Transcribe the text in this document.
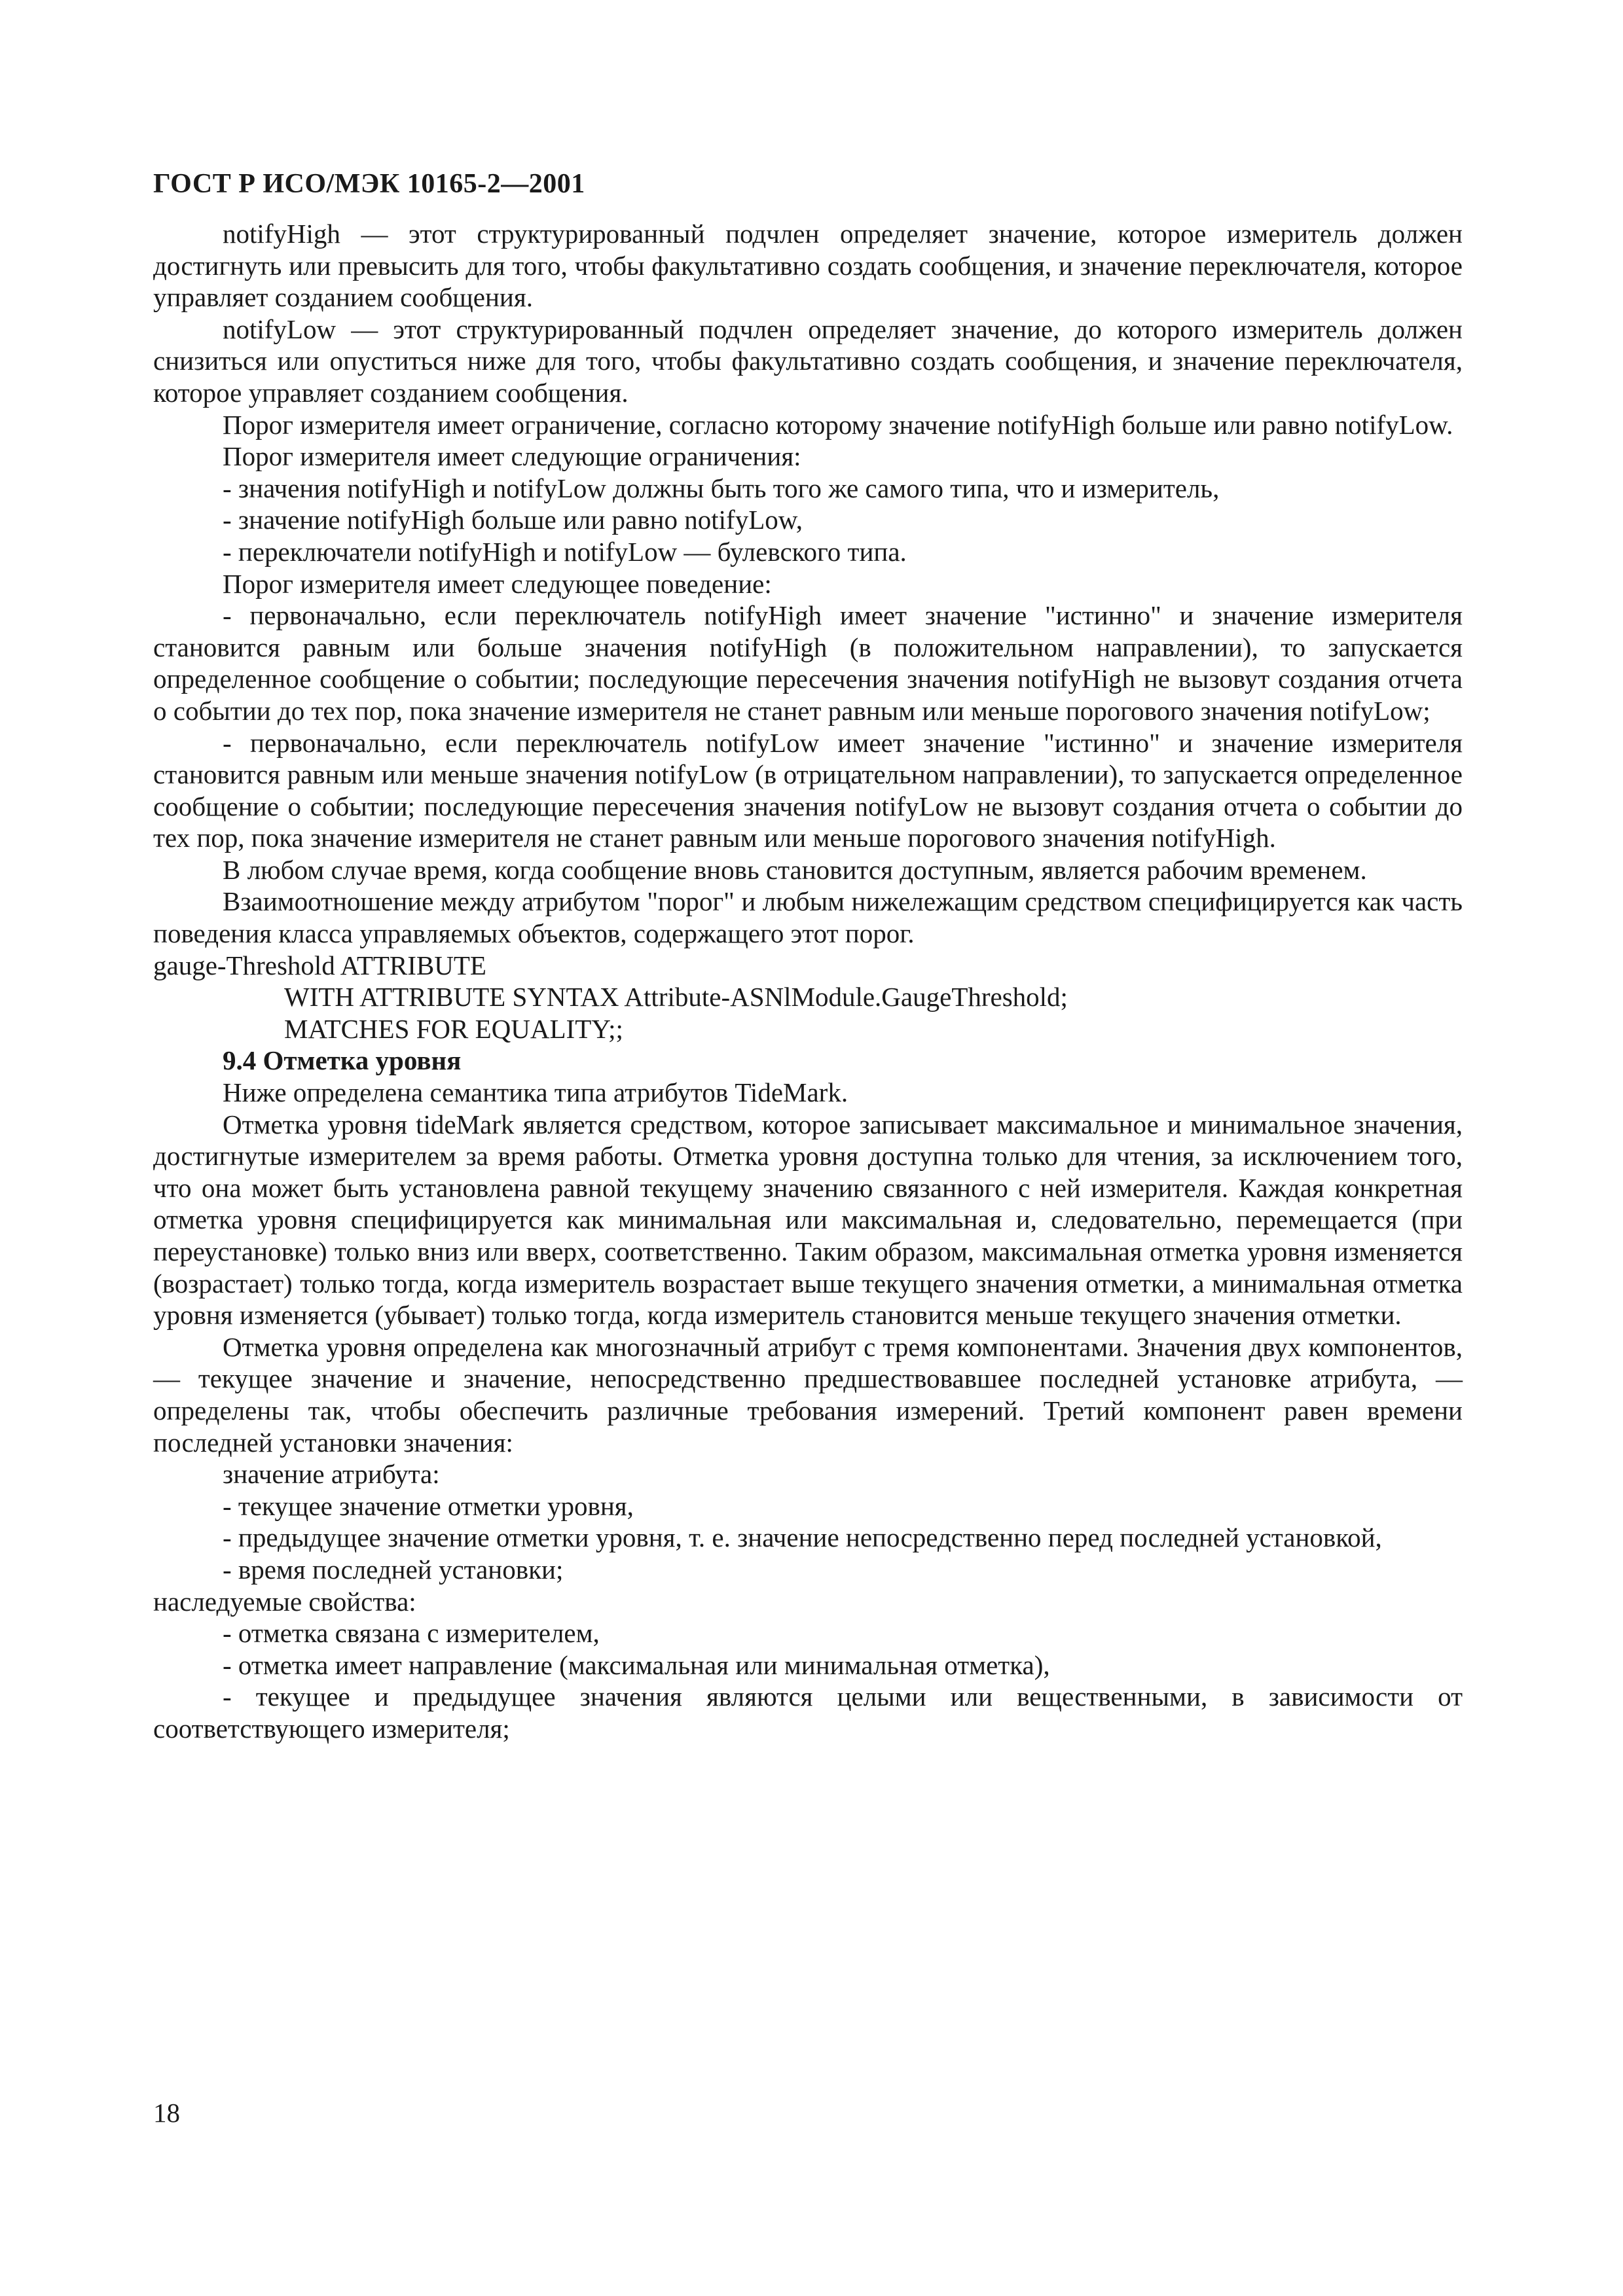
ГОСТ Р ИСО/МЭК 10165-2—2001

notifyHigh — этот структурированный подчлен определяет значение, которое измеритель должен достигнуть или превысить для того, чтобы факультативно создать сообщения, и значение переключателя, которое управляет созданием сообщения.

notifyLow — этот структурированный подчлен определяет значение, до которого измеритель должен снизиться или опуститься ниже для того, чтобы факультативно создать сообщения, и значение переключателя, которое управляет созданием сообщения.

Порог измерителя имеет ограничение, согласно которому значение notifyHigh больше или равно notifyLow.

Порог измерителя имеет следующие ограничения:

- значения notifyHigh и notifyLow должны быть того же самого типа, что и измеритель,

- значение notifyHigh больше или равно notifyLow,

- переключатели notifyHigh и notifyLow — булевского типа.

Порог измерителя имеет следующее поведение:

- первоначально, если переключатель notifyHigh имеет значение "истинно" и значение измерителя становится равным или больше значения notifyHigh (в положительном направлении), то запускается определенное сообщение о событии; последующие пересечения значения notifyHigh не вызовут создания отчета о событии до тех пор, пока значение измерителя не станет равным или меньше порогового значения notifyLow;

- первоначально, если переключатель notifyLow имеет значение "истинно" и значение измерителя становится равным или меньше значения notifyLow (в отрицательном направлении), то запускается определенное сообщение о событии; последующие пересечения значения notifyLow не вызовут создания отчета о событии до тех пор, пока значение измерителя не станет равным или меньше порогового значения notifyHigh.

В любом случае время, когда сообщение вновь становится доступным, является рабочим временем.

Взаимоотношение между атрибутом "порог" и любым нижележащим средством специфицируется как часть поведения класса управляемых объектов, содержащего этот порог.

gauge-Threshold ATTRIBUTE

WITH ATTRIBUTE SYNTAX Attribute-ASNlModule.GaugeThreshold;

MATCHES FOR EQUALITY;;

9.4 Отметка уровня

Ниже определена семантика типа атрибутов TideMark.

Отметка уровня tideMark является средством, которое записывает максимальное и минимальное значения, достигнутые измерителем за время работы. Отметка уровня доступна только для чтения, за исключением того, что она может быть установлена равной текущему значению связанного с ней измерителя. Каждая конкретная отметка уровня специфицируется как минимальная или максимальная и, следовательно, перемещается (при переустановке) только вниз или вверх, соответственно. Таким образом, максимальная отметка уровня изменяется (возрастает) только тогда, когда измеритель возрастает выше текущего значения отметки, а минимальная отметка уровня изменяется (убывает) только тогда, когда измеритель становится меньше текущего значения отметки.

Отметка уровня определена как многозначный атрибут с тремя компонентами. Значения двух компонентов, — текущее значение и значение, непосредственно предшествовавшее последней установке атрибута, — определены так, чтобы обеспечить различные требования измерений. Третий компонент равен времени последней установки значения:

значение атрибута:

- текущее значение отметки уровня,

- предыдущее значение отметки уровня, т. е. значение непосредственно перед последней установкой,

- время последней установки;

наследуемые свойства:

- отметка связана с измерителем,

- отметка имеет направление (максимальная или минимальная отметка),

- текущее и предыдущее значения являются целыми или вещественными, в зависимости от соответствующего измерителя;

18
